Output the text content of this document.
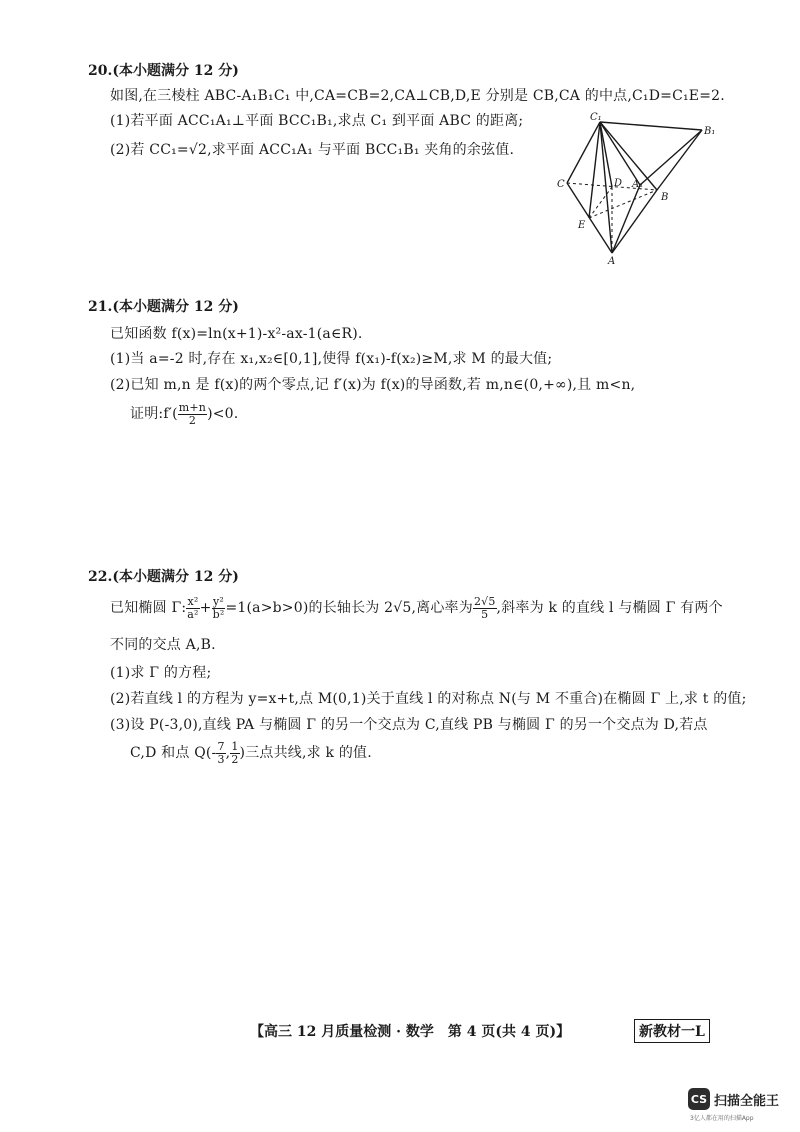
20.(本小题满分 12 分)
如图,在三棱柱 ABC-A₁B₁C₁ 中,CA=CB=2,CA⊥CB,D,E 分别是 CB,CA 的中点,C₁D=C₁E=2.
(1)若平面 ACC₁A₁⊥平面 BCC₁B₁,求点 C₁ 到平面 ABC 的距离;
(2)若 CC₁=√2,求平面 ACC₁A₁ 与平面 BCC₁B₁ 夹角的余弦值.
C₁
B₁
A₁
C	D
B
E
A
21.(本小题满分 12 分)
已知函数 f(x)=ln(x+1)-x²-ax-1(a∈R).
(1)当 a=-2 时,存在 x₁,x₂∈[0,1],使得 f(x₁)-f(x₂)≥M,求 M 的最大值;
(2)已知 m,n 是 f(x)的两个零点,记 f′(x)为 f(x)的导函数,若 m,n∈(0,+∞),且 m<n,
证明:f′( $\frac{m+n}{2} )<0$.
22.(本小题满分 12 分)
已知椭圆 Γ: $\frac{\text{x²}}{\text{a²}} + \frac{\text{y²}}{\text{b²}} =1(a>b>0)$的长轴长为 2√5,离心率为 $\frac{2√5}{5}$ ,斜率为 k 的直线 l 与椭圆 Γ 有两个
不同的交点 A,B.
(1)求 Γ 的方程;
(2)若直线 l 的方程为 y=x+t,点 M(0,1)关于直线 l 的对称点 N(与 M 不重合)在椭圆 Γ 上,求 t 的值;
(3)设 P(-3,0),直线 PA 与椭圆 Γ 的另一个交点为 C,直线 PB 与椭圆 Γ 的另一个交点为 D,若点
C,D 和点 $Q(- \frac{7}{3}$ , $\frac{1}{2}$ )三点共线,求 k 的值.
【高三 12 月质量检测 · 数学　第 4 页(共 4 页)】	新教材一L
CS 扫描全能王
3亿人都在用的扫描App
